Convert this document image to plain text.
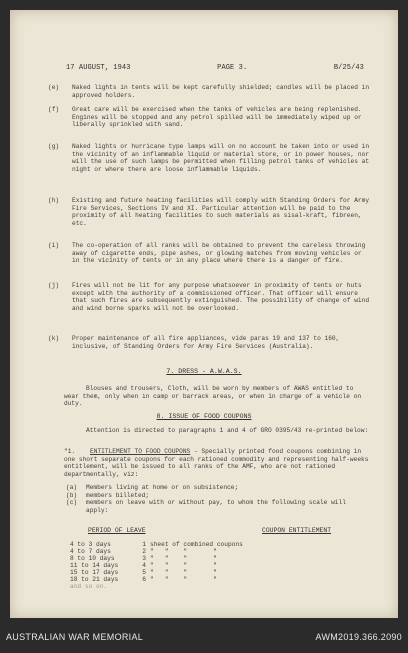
17 AUGUST, 1943	PAGE 3.	B/25/43
(e) Naked lights in tents will be kept carefully shielded; candles will be placed in approved holders.
(f) Great care will be exercised when the tanks of vehicles are being replenished. Engines will be stopped and any petrol spilled will be immediately wiped up or liberally sprinkled with sand.
(g) Naked lights or hurricane type lamps will on no account be taken into or used in the vicinity of an inflammable liquid or material store, or in power houses, nor will the use of such lamps be permitted when filling petrol tanks of vehicles at night or where there are loose inflammable liquids.
(h) Existing and future heating facilities will comply with Standing Orders for Army Fire Services, Sections IV and XI. Particular attention will be paid to the proximity of all heating facilities to such materials as sisal-kraft, fibreen, etc.
(i) The co-operation of all ranks will be obtained to prevent the careless throwing away of cigarette ends, pipe ashes, or glowing matches from moving vehicles or in the vicinity of tents or in any place where there is a danger of fire.
(j) Fires will not be lit for any purpose whatsoever in proximity of tents or huts except with the authority of a commissioned officer. That officer will ensure that such fires are subsequently extinguished. The possibility of change of wind and wind borne sparks will not be overlooked.
(k) Proper maintenance of all fire appliances, vide paras 19 and 137 to 160, inclusive, of Standing Orders for Army Fire Services (Australia).
7. DRESS - A.W.A.S.
Blouses and trousers, Cloth, will be worn by members of AWAS entitled to wear them, only when in camp or barrack areas, or when in charge of a vehicle on duty.
8. ISSUE OF FOOD COUPONS
Attention is directed to paragraphs 1 and 4 of GRO 0395/43 re-printed below:
"1. ENTITLEMENT TO FOOD COUPONS - Specially printed food coupons combining in one short separate coupons for each rationed commodity and representing half-weeks entitlement, will be issued to all ranks of the AMF, who are not rationed departmentally, viz:
(a) Members living at home or on subsistence;
(b) members billeted;
(c) members on leave with or without pay, to whom the following scale will apply:
PERIOD OF LEAVE	COUPON ENTITLEMENT
4 to 3 days	1	sheet of combined coupons
4 to 7 days	2	"   "    "       "
8 to 10 days	3	"   "    "       "
11 to 14 days	4	"   "    "       "
15 to 17 days	5	"   "    "       "
18 to 21 days	6	"   "    "       "
and so on.		
AUSTRALIAN WAR MEMORIAL	AWM2019.366.2090
